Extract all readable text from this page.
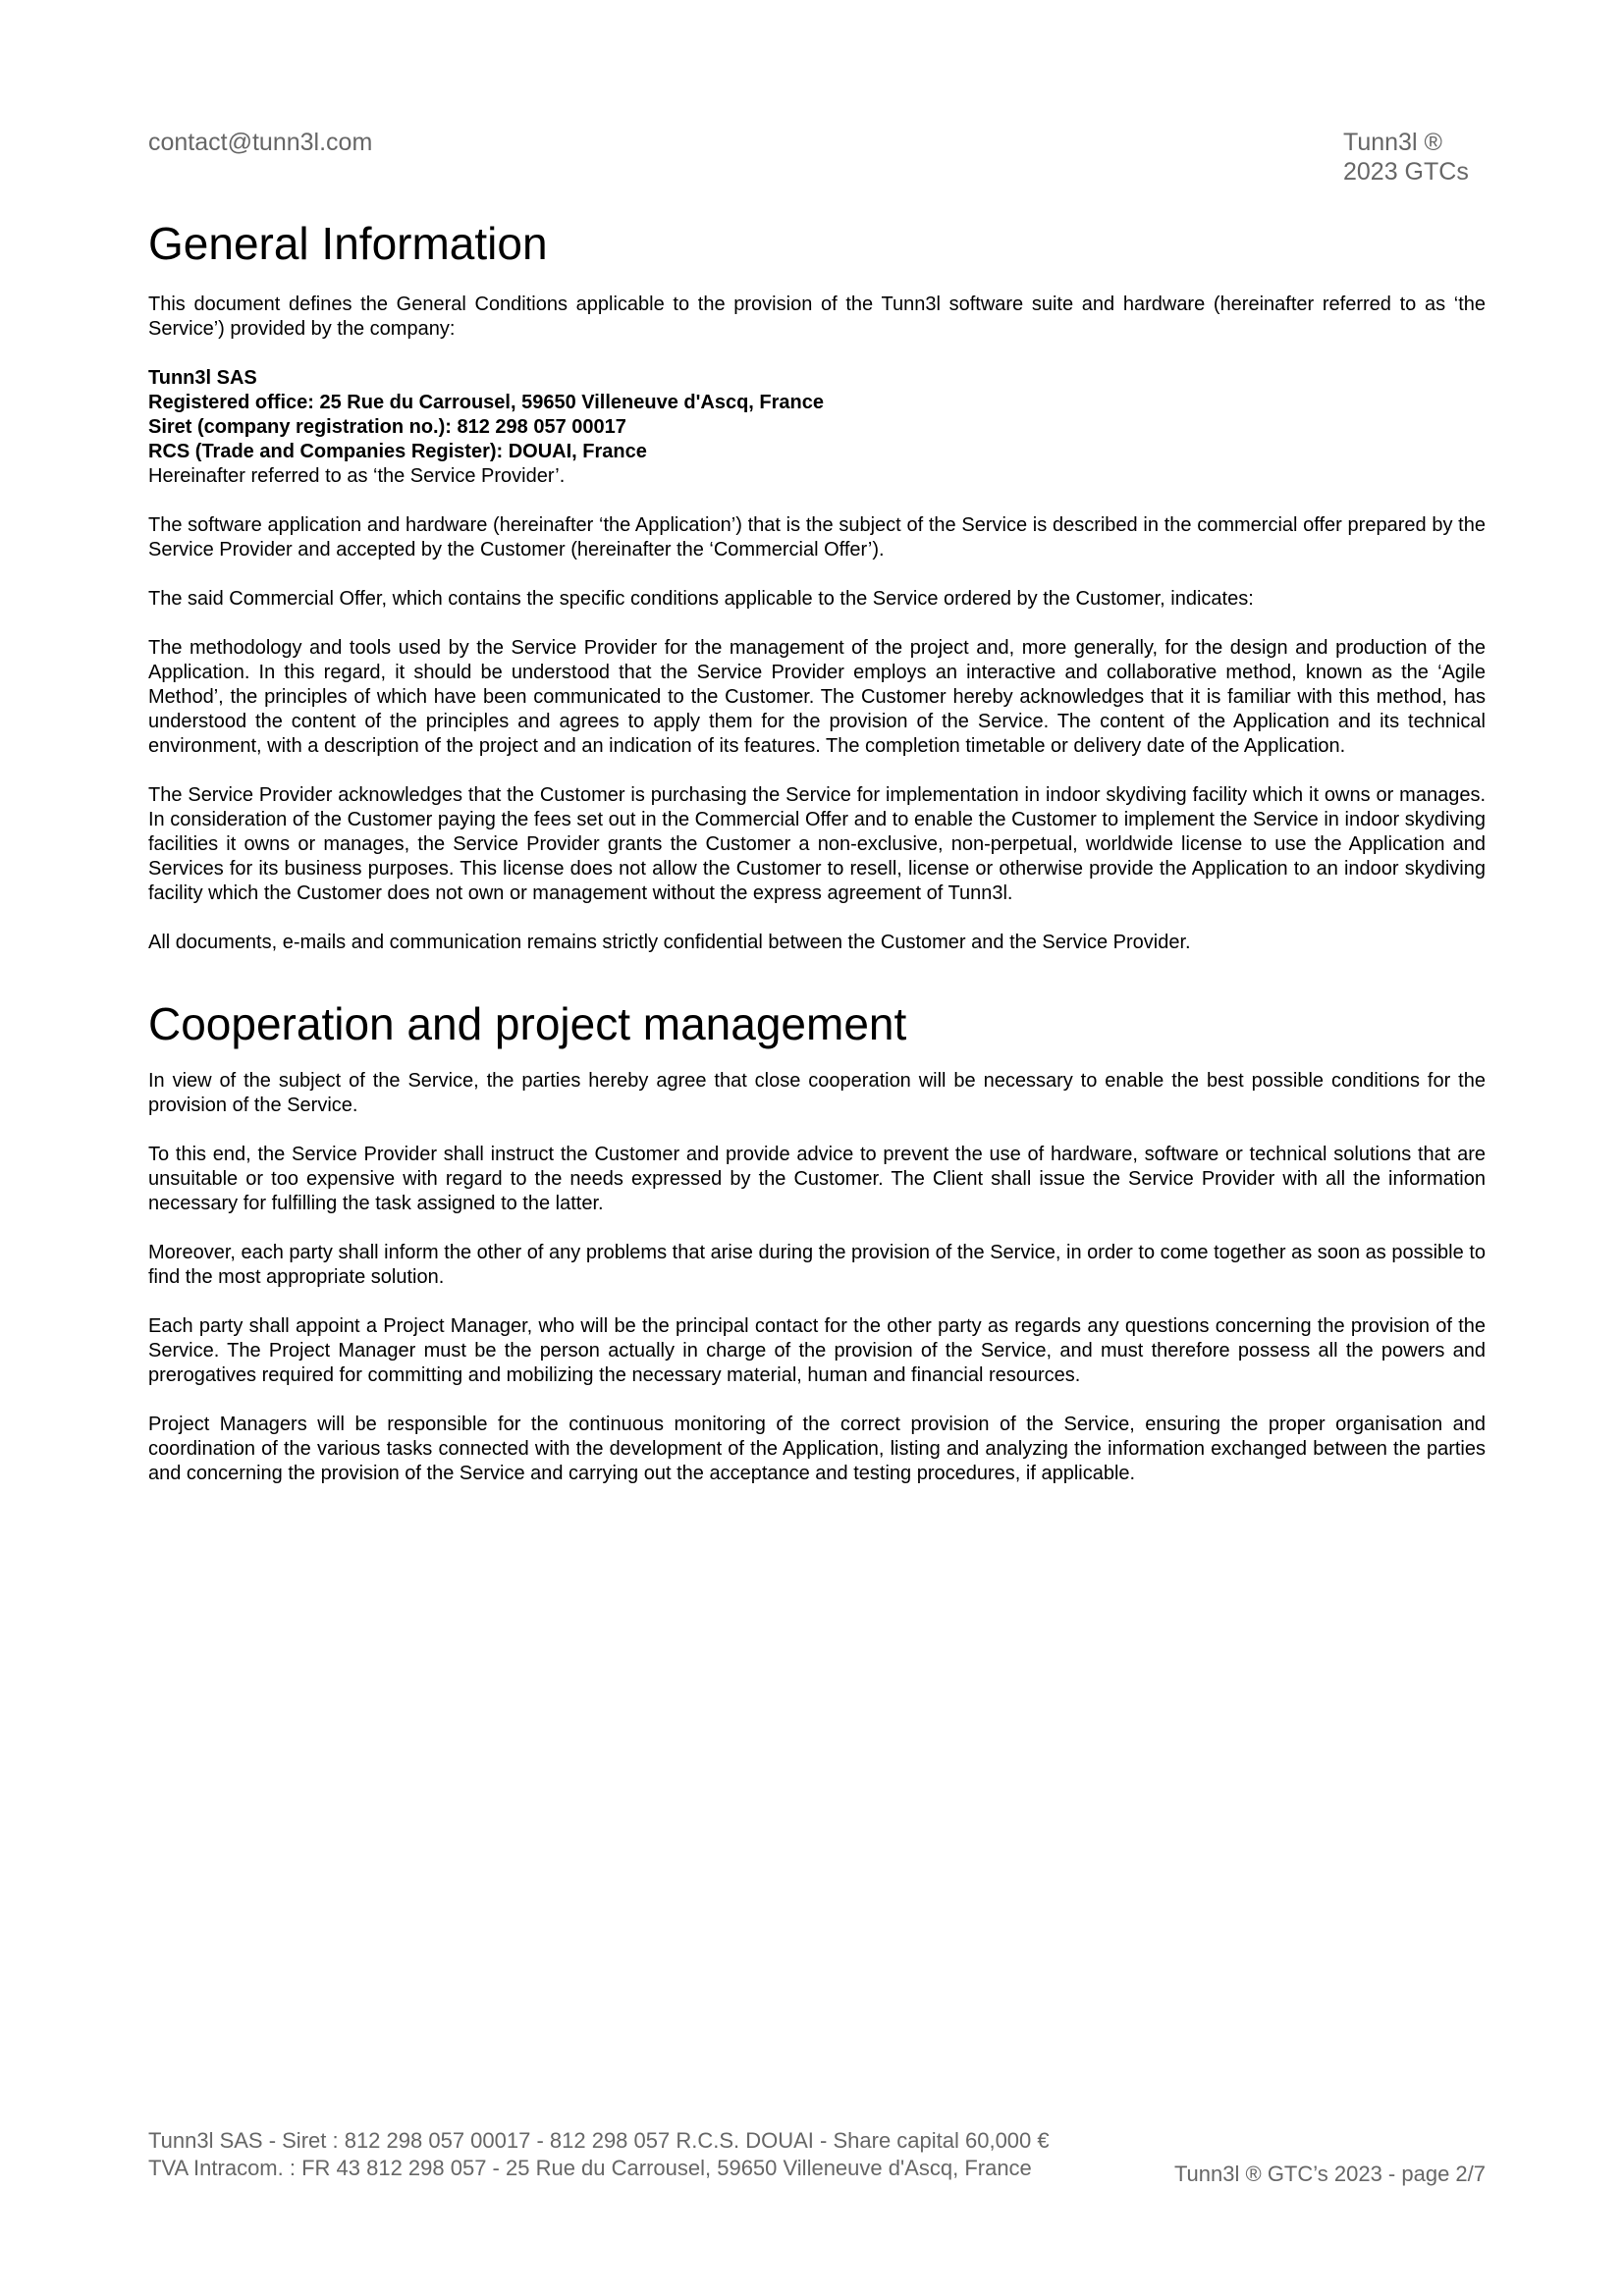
contact@tunn3l.com	Tunn3l ®
2023 GTCs
General Information

This document defines the General Conditions applicable to the provision of the Tunn3l software suite and hardware (hereinafter referred to as ‘the Service’) provided by the company:

Tunn3l SAS
Registered office: 25 Rue du Carrousel, 59650 Villeneuve d'Ascq, France
Siret (company registration no.): 812 298 057 00017
RCS (Trade and Companies Register): DOUAI, France
Hereinafter referred to as ‘the Service Provider’.

The software application and hardware (hereinafter ‘the Application’) that is the subject of the Service is described in the commercial offer prepared by the Service Provider and accepted by the Customer (hereinafter the ‘Commercial Offer’).

The said Commercial Offer, which contains the specific conditions applicable to the Service ordered by the Customer, indicates:

The methodology and tools used by the Service Provider for the management of the project and, more generally, for the design and production of the Application. In this regard, it should be understood that the Service Provider employs an interactive and collaborative method, known as the ‘Agile Method’, the principles of which have been communicated to the Customer. The Customer hereby acknowledges that it is familiar with this method, has understood the content of the principles and agrees to apply them for the provision of the Service. The content of the Application and its technical environment, with a description of the project and an indication of its features. The completion timetable or delivery date of the Application.

The Service Provider acknowledges that the Customer is purchasing the Service for implementation in indoor skydiving facility which it owns or manages. In consideration of the Customer paying the fees set out in the Commercial Offer and to enable the Customer to implement the Service in indoor skydiving facilities it owns or manages, the Service Provider grants the Customer a non-exclusive, non-perpetual, worldwide license to use the Application and Services for its business purposes. This license does not allow the Customer to resell, license or otherwise provide the Application to an indoor skydiving facility which the Customer does not own or management without the express agreement of Tunn3l.

All documents, e-mails and communication remains strictly confidential between the Customer and the Service Provider.

Cooperation and project management

In view of the subject of the Service, the parties hereby agree that close cooperation will be necessary to enable the best possible conditions for the provision of the Service.

To this end, the Service Provider shall instruct the Customer and provide advice to prevent the use of hardware, software or technical solutions that are unsuitable or too expensive with regard to the needs expressed by the Customer. The Client shall issue the Service Provider with all the information necessary for fulfilling the task assigned to the latter.

Moreover, each party shall inform the other of any problems that arise during the provision of the Service, in order to come together as soon as possible to find the most appropriate solution.

Each party shall appoint a Project Manager, who will be the principal contact for the other party as regards any questions concerning the provision of the Service. The Project Manager must be the person actually in charge of the provision of the Service, and must therefore possess all the powers and prerogatives required for committing and mobilizing the necessary material, human and financial resources.

Project Managers will be responsible for the continuous monitoring of the correct provision of the Service, ensuring the proper organisation and coordination of the various tasks connected with the development of the Application, listing and analyzing the information exchanged between the parties and concerning the provision of the Service and carrying out the acceptance and testing procedures, if applicable.

Tunn3l SAS - Siret : 812 298 057 00017 - 812 298 057 R.C.S. DOUAI - Share capital 60,000 €
TVA Intracom. : FR 43 812 298 057 - 25 Rue du Carrousel, 59650 Villeneuve d'Ascq, France	Tunn3l ® GTC’s 2023 - page 2/7
